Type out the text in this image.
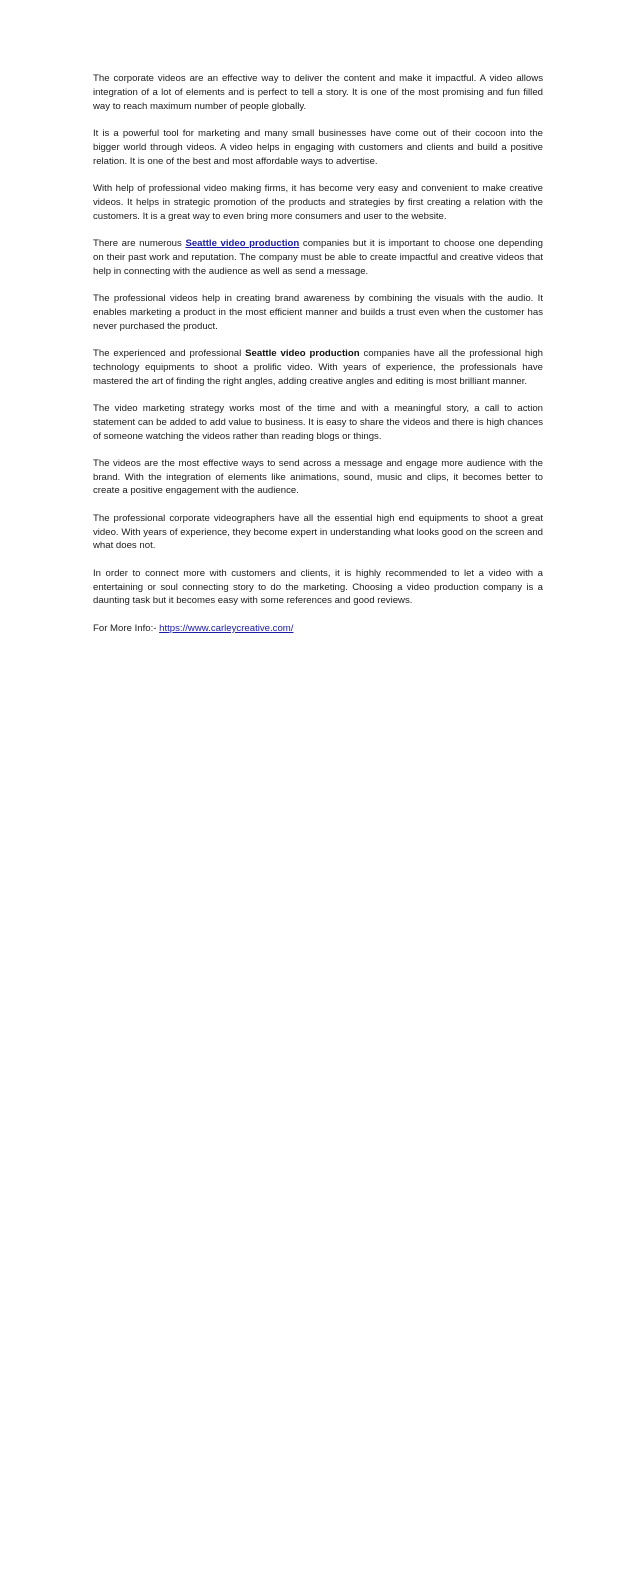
The corporate videos are an effective way to deliver the content and make it impactful. A video allows integration of a lot of elements and is perfect to tell a story. It is one of the most promising and fun filled way to reach maximum number of people globally.

It is a powerful tool for marketing and many small businesses have come out of their cocoon into the bigger world through videos. A video helps in engaging with customers and clients and build a positive relation. It is one of the best and most affordable ways to advertise.

With help of professional video making firms, it has become very easy and convenient to make creative videos. It helps in strategic promotion of the products and strategies by first creating a relation with the customers. It is a great way to even bring more consumers and user to the website.

There are numerous Seattle video production companies but it is important to choose one depending on their past work and reputation. The company must be able to create impactful and creative videos that help in connecting with the audience as well as send a message.

The professional videos help in creating brand awareness by combining the visuals with the audio. It enables marketing a product in the most efficient manner and builds a trust even when the customer has never purchased the product.

The experienced and professional Seattle video production companies have all the professional high technology equipments to shoot a prolific video. With years of experience, the professionals have mastered the art of finding the right angles, adding creative angles and editing is most brilliant manner.

The video marketing strategy works most of the time and with a meaningful story, a call to action statement can be added to add value to business. It is easy to share the videos and there is high chances of someone watching the videos rather than reading blogs or things.

The videos are the most effective ways to send across a message and engage more audience with the brand. With the integration of elements like animations, sound, music and clips, it becomes better to create a positive engagement with the audience.

The professional corporate videographers have all the essential high end equipments to shoot a great video. With years of experience, they become expert in understanding what looks good on the screen and what does not.

In order to connect more with customers and clients, it is highly recommended to let a video with a entertaining or soul connecting story to do the marketing. Choosing a video production company is a daunting task but it becomes easy with some references and good reviews.

For More Info:- https://www.carleycreative.com/
